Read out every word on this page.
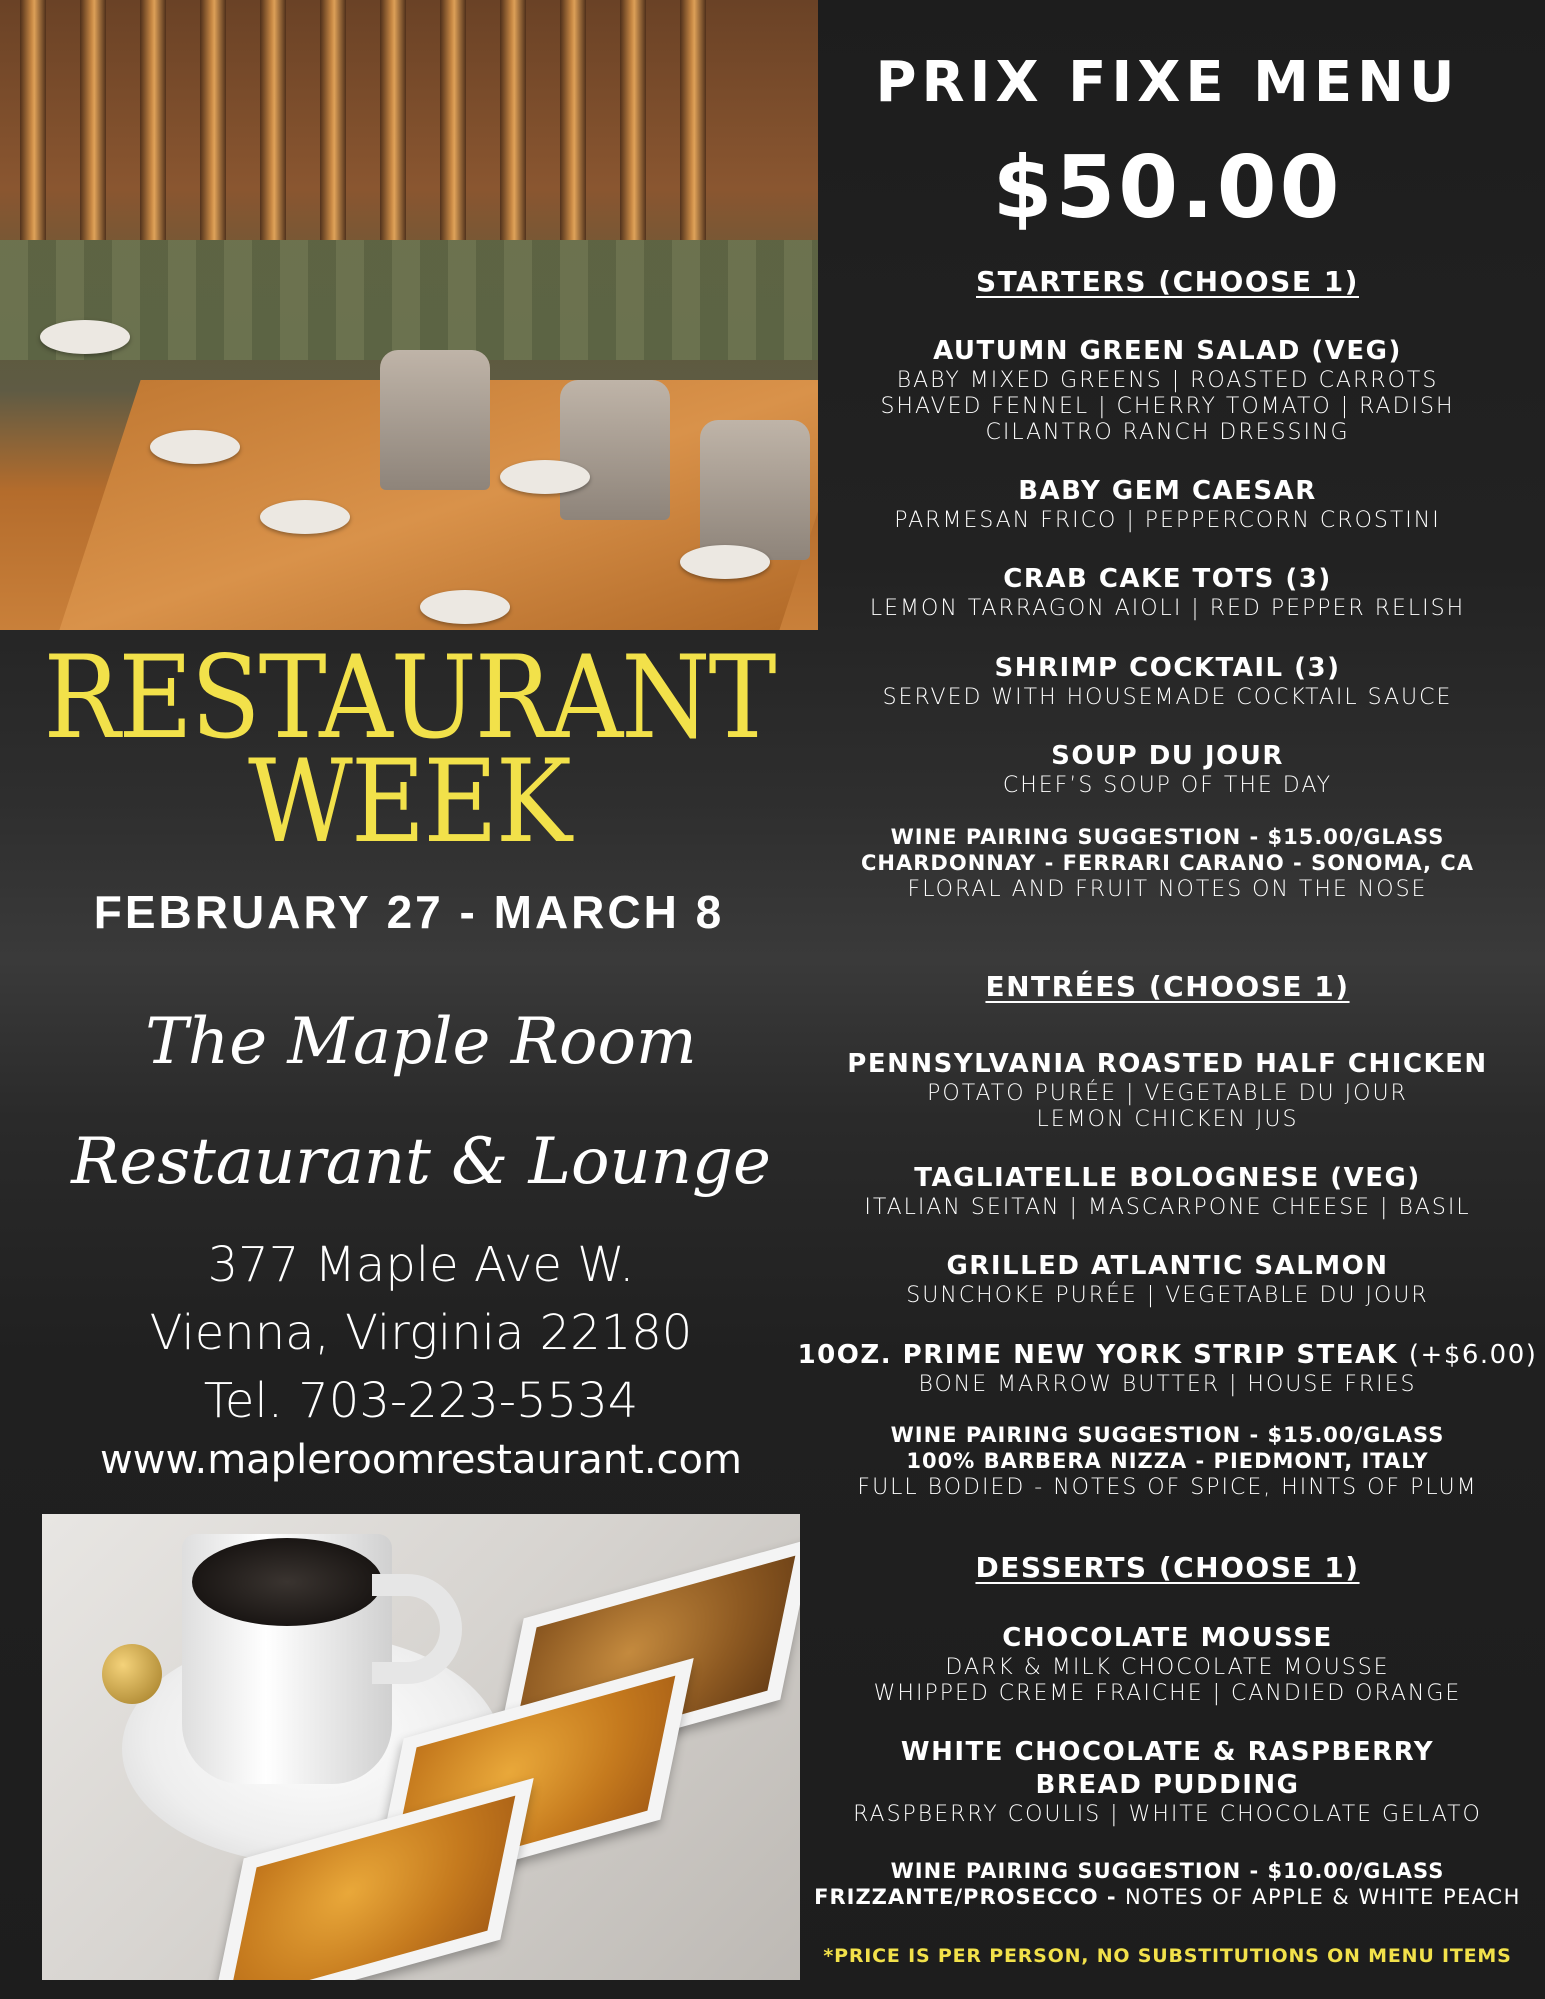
RESTAURANT
WEEK
FEBRUARY 27 - MARCH 8
The Maple Room
Restaurant & Lounge
377 Maple Ave W.
Vienna, Virginia 22180
Tel. 703-223-5534
www.mapleroomrestaurant.com
PRIX FIXE MENU
$50.00
STARTERS (CHOOSE 1)
AUTUMN GREEN SALAD (VEG)
BABY MIXED GREENS | ROASTED CARROTS
SHAVED FENNEL | CHERRY TOMATO | RADISH
CILANTRO RANCH DRESSING
BABY GEM CAESAR
PARMESAN FRICO | PEPPERCORN CROSTINI
CRAB CAKE TOTS (3)
LEMON TARRAGON AIOLI | RED PEPPER RELISH
SHRIMP COCKTAIL (3)
SERVED WITH HOUSEMADE COCKTAIL SAUCE
SOUP DU JOUR
CHEF’S SOUP OF THE DAY
WINE PAIRING SUGGESTION - $15.00/GLASS
CHARDONNAY - FERRARI CARANO - SONOMA, CA
FLORAL AND FRUIT NOTES ON THE NOSE
ENTRÉES (CHOOSE 1)
PENNSYLVANIA ROASTED HALF CHICKEN
POTATO PURÉE | VEGETABLE DU JOUR
LEMON CHICKEN JUS
TAGLIATELLE BOLOGNESE (VEG)
ITALIAN SEITAN | MASCARPONE CHEESE | BASIL
GRILLED ATLANTIC SALMON
SUNCHOKE PURÉE | VEGETABLE DU JOUR
10OZ. PRIME NEW YORK STRIP STEAK (+$6.00)
BONE MARROW BUTTER | HOUSE FRIES
WINE PAIRING SUGGESTION - $15.00/GLASS
100% BARBERA NIZZA - PIEDMONT, ITALY
FULL BODIED - NOTES OF SPICE, HINTS OF PLUM
DESSERTS (CHOOSE 1)
CHOCOLATE MOUSSE
DARK & MILK CHOCOLATE MOUSSE
WHIPPED CREME FRAICHE | CANDIED ORANGE
WHITE CHOCOLATE & RASPBERRY
BREAD PUDDING
RASPBERRY COULIS | WHITE CHOCOLATE GELATO
WINE PAIRING SUGGESTION - $10.00/GLASS
FRIZZANTE/PROSECCO - NOTES OF APPLE & WHITE PEACH
*PRICE IS PER PERSON, NO SUBSTITUTIONS ON MENU ITEMS
